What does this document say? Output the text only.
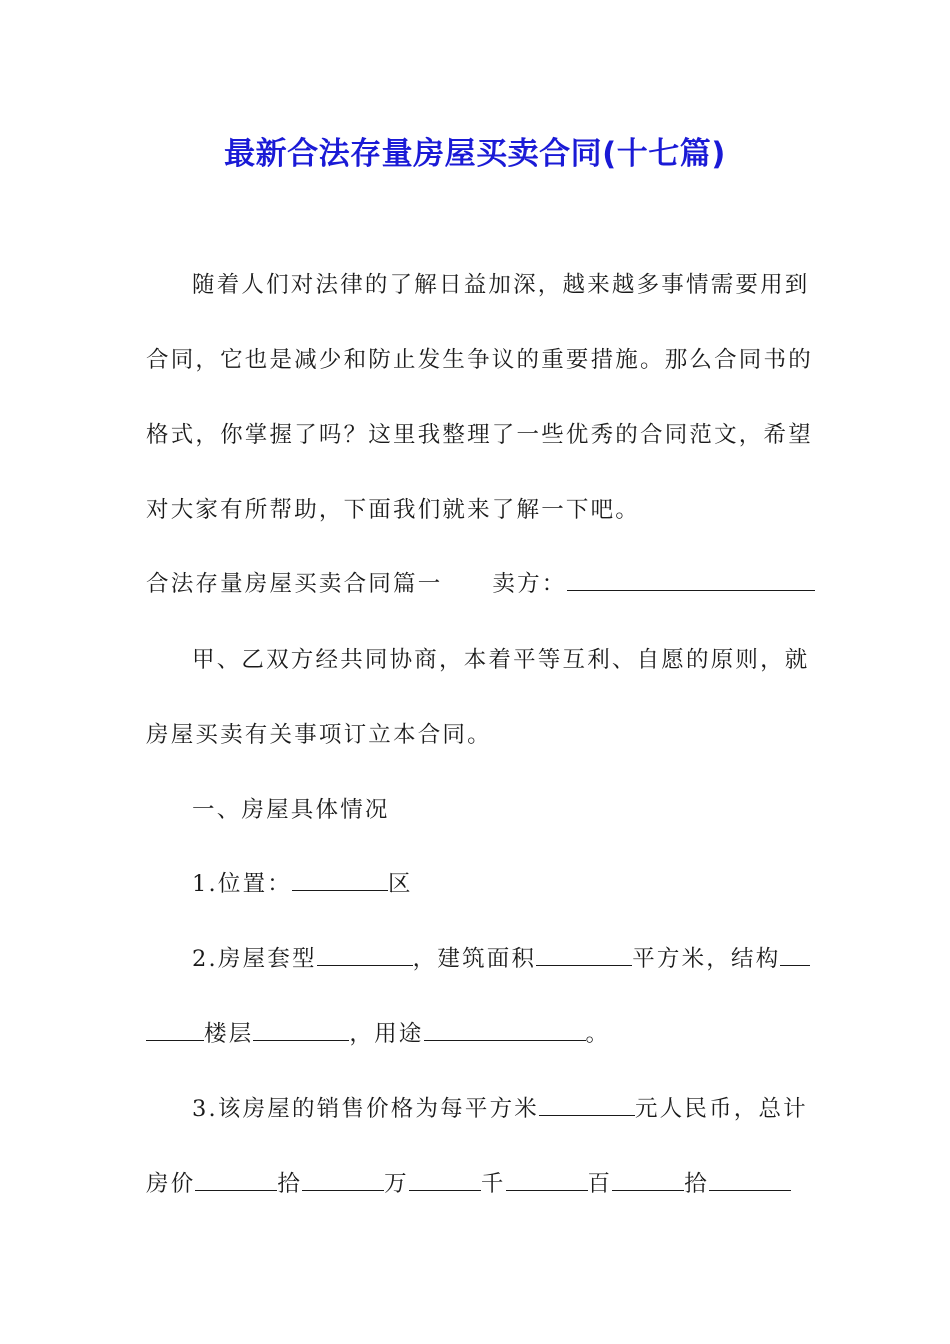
最新合法存量房屋买卖合同(十七篇)
随着人们对法律的了解日益加深，越来越多事情需要用到
合同，它也是减少和防止发生争议的重要措施。那么合同书的
格式，你掌握了吗？这里我整理了一些优秀的合同范文，希望
对大家有所帮助，下面我们就来了解一下吧。
合法存量房屋买卖合同篇一 卖方：
甲、乙双方经共同协商，本着平等互利、自愿的原则，就
房屋买卖有关事项订立本合同。
一、房屋具体情况
1.位置：	区
2.房屋套型	，建筑面积	平方米，结构
楼层	，用途	。
3.该房屋的销售价格为每平方米	元人民币，总计
房价	拾	万	千	百	拾
